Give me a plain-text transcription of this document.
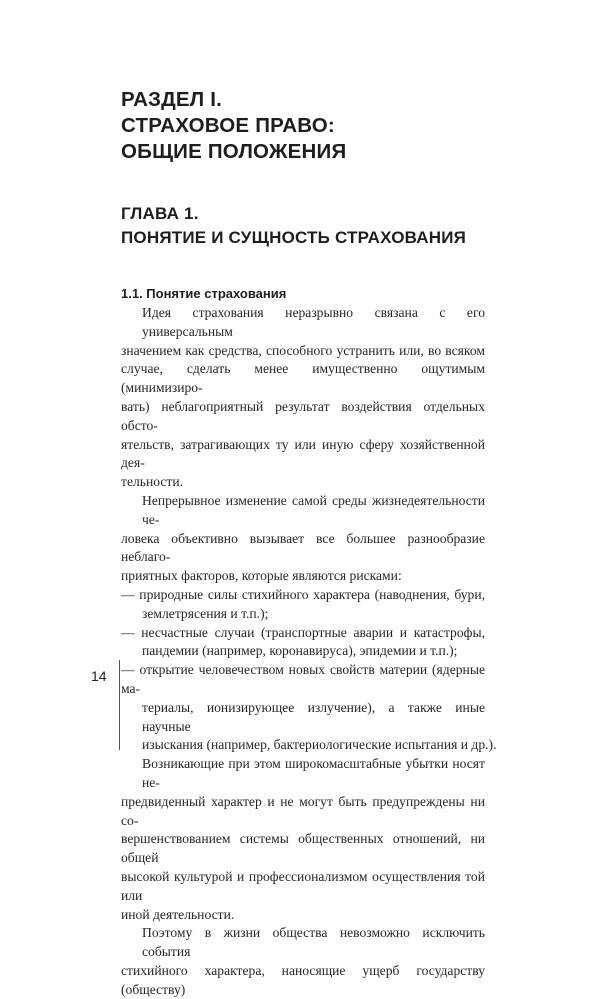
РАЗДЕЛ I.
СТРАХОВОЕ ПРАВО:
ОБЩИЕ ПОЛОЖЕНИЯ
ГЛАВА 1.
ПОНЯТИЕ И СУЩНОСТЬ СТРАХОВАНИЯ
1.1. Понятие страхования
Идея страхования неразрывно связана с его универсальным
значением как средства, способного устранить или, во всяком
случае, сделать менее имущественно ощутимым (минимизиро-
вать) неблагоприятный результат воздействия отдельных обсто-
ятельств, затрагивающих ту или иную сферу хозяйственной дея-
тельности.
Непрерывное изменение самой среды жизнедеятельности че-
ловека объективно вызывает все большее разнообразие неблаго-
приятных факторов, которые являются рисками:
— природные силы стихийного характера (наводнения, бури,
землетрясения и т.п.);
— несчастные случаи (транспортные аварии и катастрофы,
пандемии (например, коронавируса), эпидемии и т.п.);
— открытие человечеством новых свойств материи (ядерные ма-
териалы, ионизирующее излучение), а также иные научные
изыскания (например, бактериологические испытания и др.).
Возникающие при этом широкомасштабные убытки носят не-
предвиденный характер и не могут быть предупреждены ни со-
вершенствованием системы общественных отношений, ни общей
высокой культурой и профессионализмом осуществления той или
иной деятельности.
Поэтому в жизни общества невозможно исключить события
стихийного характера, наносящие ущерб государству (обществу)
14
